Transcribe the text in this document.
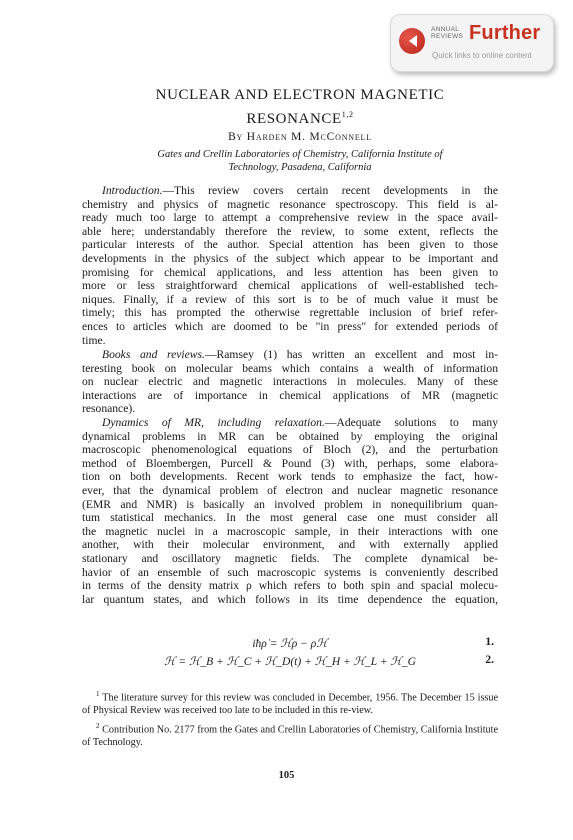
ANNUAL
REVIEWS Further
Quick links to online content
NUCLEAR AND ELECTRON MAGNETIC
RESONANCE$^{1,2}$
By Harden M. McConnell
Gates and Crellin Laboratories of Chemistry, California Institute of
Technology, Pasadena, California
Introduction.—This review covers certain recent developments in the
chemistry and physics of magnetic resonance spectroscopy. This field is al-
ready much too large to attempt a comprehensive review in the space avail-
able here; understandably therefore the review, to some extent, reflects the
particular interests of the author. Special attention has been given to those
developments in the physics of the subject which appear to be important and
promising for chemical applications, and less attention has been given to
more or less straightforward chemical applications of well-established tech-
niques. Finally, if a review of this sort is to be of much value it must be
timely; this has prompted the otherwise regrettable inclusion of brief refer-
ences to articles which are doomed to be "in press" for extended periods of
time.
Books and reviews.—Ramsey (1) has written an excellent and most in-
teresting book on molecular beams which contains a wealth of information
on nuclear electric and magnetic interactions in molecules. Many of these
interactions are of importance in chemical applications of MR (magnetic
resonance).
Dynamics of MR, including relaxation.—Adequate solutions to many
dynamical problems in MR can be obtained by employing the original
macroscopic phenomenological equations of Bloch (2), and the perturbation
method of Bloembergen, Purcell & Pound (3) with, perhaps, some elabora-
tion on both developments. Recent work tends to emphasize the fact, how-
ever, that the dynamical problem of electron and nuclear magnetic resonance
(EMR and NMR) is basically an involved problem in nonequilibrium quan-
tum statistical mechanics. In the most general case one must consider all
the magnetic nuclei in a macroscopic sample, in their interactions with one
another, with their molecular environment, and with externally applied
stationary and oscillatory magnetic fields. The complete dynamical be-
havior of an ensemble of such macroscopic systems is conveniently described
in terms of the density matrix ρ which refers to both spin and spacial molecu-
lar quantum states, and which follows in its time dependence the equation,
iħρ̇ = ℋρ − ρℋ	1.
ℋ = ℋ_B + ℋ_C + ℋ_D(t) + ℋ_H + ℋ_L + ℋ_G	2.

$^1$ The literature survey for this review was concluded in December, 1956. The December 15 issue of Physical Review was received too late to be included in this re-view.

$^2$ Contribution No. 2177 from the Gates and Crellin Laboratories of Chemistry, California Institute of Technology.

105
